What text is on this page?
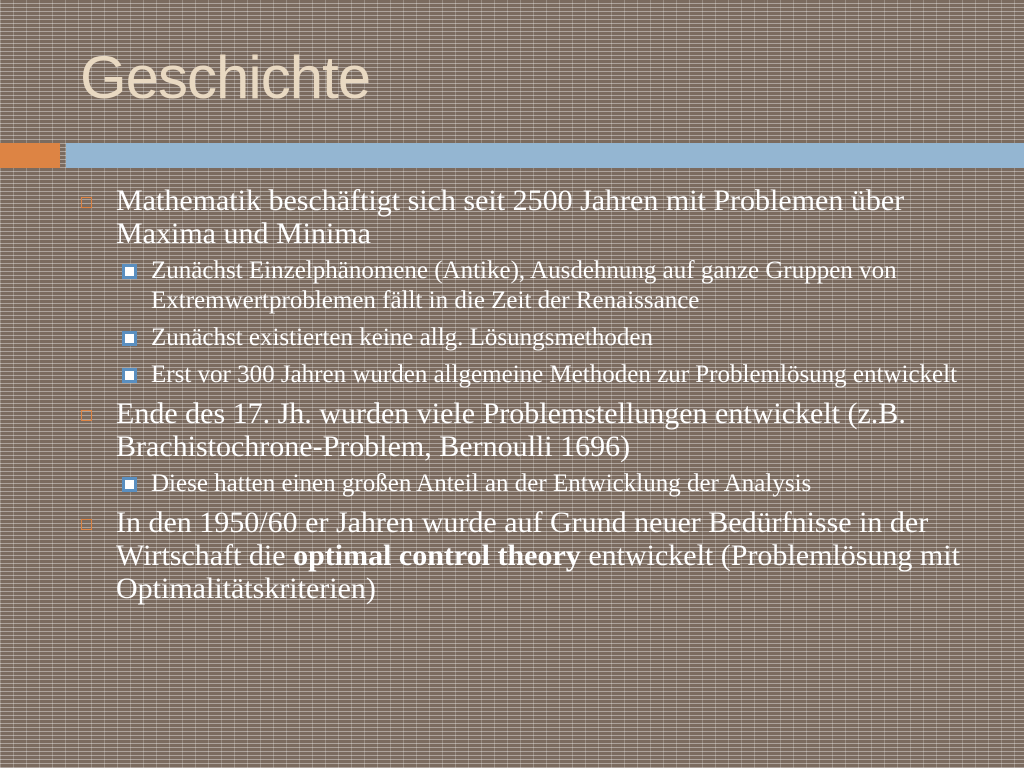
Geschichte
Mathematik beschäftigt sich seit 2500 Jahren mit Problemen über Maxima und Minima
Zunächst Einzelphänomene (Antike), Ausdehnung auf ganze Gruppen von Extremwertproblemen fällt in die Zeit der Renaissance
Zunächst existierten keine allg. Lösungsmethoden
Erst vor 300 Jahren wurden allgemeine Methoden zur Problemlösung entwickelt
Ende des 17. Jh. wurden viele Problemstellungen entwickelt (z.B. Brachistochrone-Problem, Bernoulli 1696)
Diese hatten einen großen Anteil an der Entwicklung der Analysis
In den 1950/60 er Jahren wurde auf Grund neuer Bedürfnisse in der Wirtschaft die optimal control theory entwickelt (Problemlösung mit Optimalitätskriterien)
